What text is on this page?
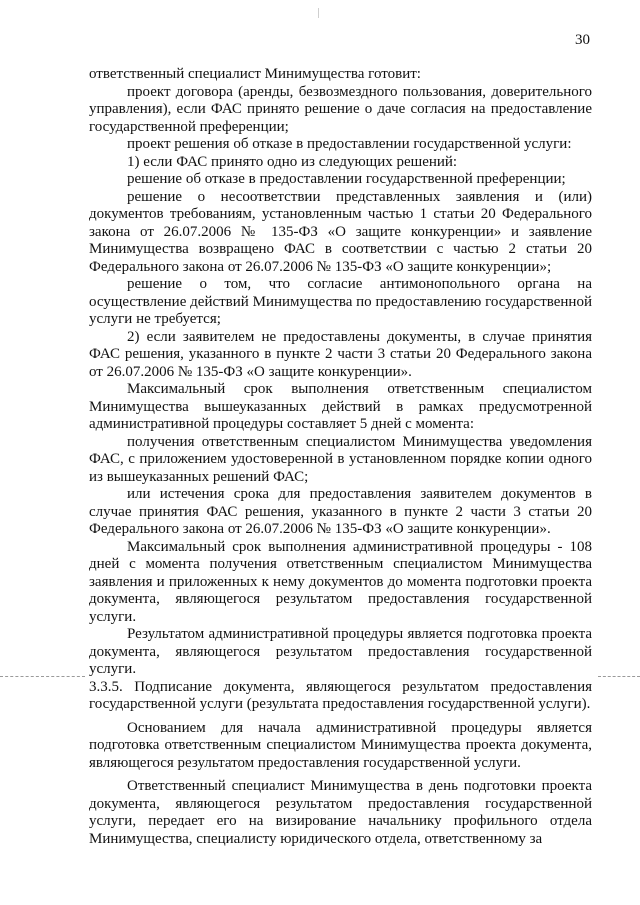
30

ответственный специалист Минимущества готовит:

проект договора (аренды, безвозмездного пользования, доверительного управления), если ФАС принято решение о даче согласия на предоставление государственной преференции;

проект решения об отказе в предоставлении государственной услуги:

1) если ФАС принято одно из следующих решений:

решение об отказе в предоставлении государственной преференции;

решение о несоответствии представленных заявления и (или) документов требованиям, установленным частью 1 статьи 20 Федерального закона от 26.07.2006 № 135-ФЗ «О защите конкуренции» и заявление Минимущества возвращено ФАС в соответствии с частью 2 статьи 20 Федерального закона от 26.07.2006 № 135-ФЗ «О защите конкуренции»;

решение о том, что согласие антимонопольного органа на осуществление действий Минимущества по предоставлению государственной услуги не требуется;

2) если заявителем не предоставлены документы, в случае принятия ФАС решения, указанного в пункте 2 части 3 статьи 20 Федерального закона от 26.07.2006 № 135-ФЗ «О защите конкуренции».

Максимальный срок выполнения ответственным специалистом Минимущества вышеуказанных действий в рамках предусмотренной административной процедуры составляет 5 дней с момента:

получения ответственным специалистом Минимущества уведомления ФАС, с приложением удостоверенной в установленном порядке копии одного из вышеуказанных решений ФАС;

или истечения срока для предоставления заявителем документов в случае принятия ФАС решения, указанного в пункте 2 части 3 статьи 20 Федерального закона от 26.07.2006 № 135-ФЗ «О защите конкуренции».

Максимальный срок выполнения административной процедуры - 108 дней с момента получения ответственным специалистом Минимущества заявления и приложенных к нему документов до момента подготовки проекта документа, являющегося результатом предоставления государственной услуги.

Результатом административной процедуры является подготовка проекта документа, являющегося результатом предоставления государственной услуги.

3.3.5. Подписание документа, являющегося результатом предоставления государственной услуги (результата предоставления государственной услуги).

Основанием для начала административной процедуры является подготовка ответственным специалистом Минимущества проекта документа, являющегося результатом предоставления государственной услуги.

Ответственный специалист Минимущества в день подготовки проекта документа, являющегося результатом предоставления государственной услуги, передает его на визирование начальнику профильного отдела Минимущества, специалисту юридического отдела, ответственному за
